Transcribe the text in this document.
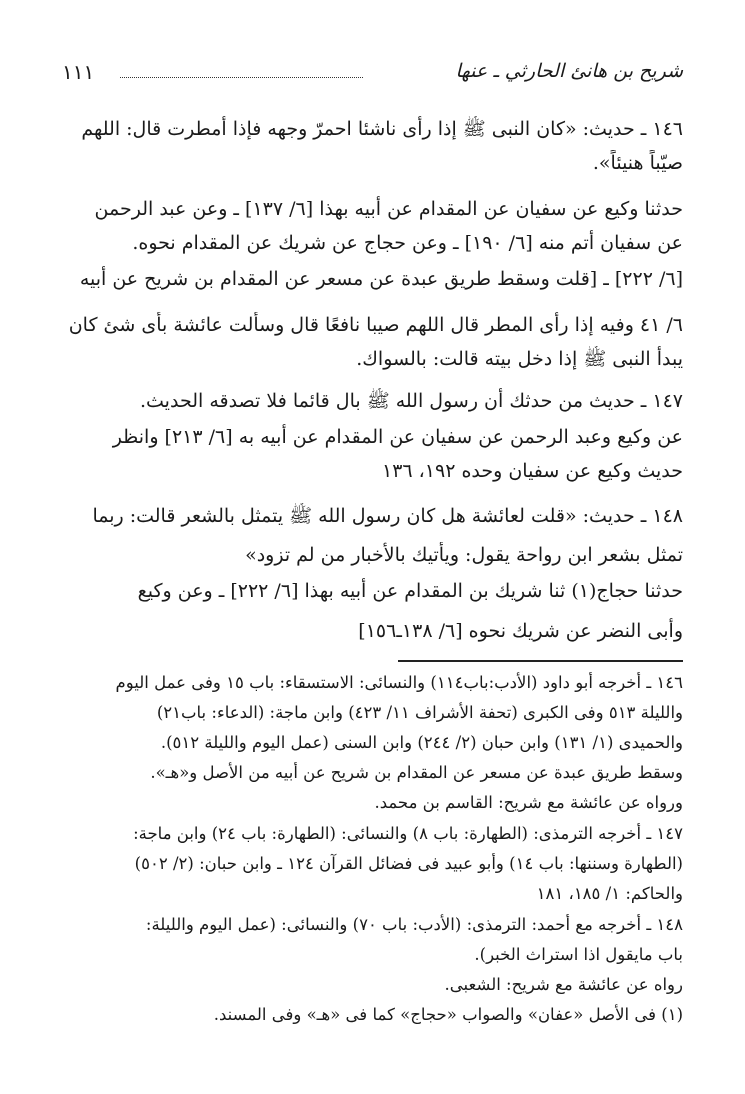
شريح بن هانئ الحارثي ـ عنها
١١١
١٤٦ ـ حديث: «كان النبى ﷺ إذا رأى ناشئا احمرّ وجهه فإذا أمطرت قال: اللهم
صيّباً هنيئاً».
حدثنا وكيع عن سفيان عن المقدام عن أبيه بهذا [٦/ ١٣٧] ـ وعن عبد الرحمن
عن سفيان أتم منه [٦/ ١٩٠] ـ وعن حجاج عن شريك عن المقدام نحوه.
[٦/ ٢٢٢] ـ [قلت وسقط طريق عبدة عن مسعر عن المقدام بن شريح عن أبيه
٦/ ٤١ وفيه إذا رأى المطر قال اللهم صيبا نافعًا قال وسألت عائشة بأى شئ كان
يبدأ النبى ﷺ إذا دخل بيته قالت: بالسواك.
١٤٧ ـ حديث من حدثك أن رسول الله ﷺ بال قائما فلا تصدقه الحديث.
عن وكيع وعبد الرحمن عن سفيان عن المقدام عن أبيه به [٦/ ٢١٣] وانظر
حديث وكيع عن سفيان وحده ١٩٢، ١٣٦
١٤٨ ـ حديث: «قلت لعائشة هل كان رسول الله ﷺ يتمثل بالشعر قالت: ربما
تمثل بشعر ابن رواحة يقول: ويأتيك بالأخبار من لم تزود»
حدثنا حجاج(١) ثنا شريك بن المقدام عن أبيه بهذا [٦/ ٢٢٢] ـ وعن وكيع
وأبى النضر عن شريك نحوه [٦/ ١٣٨ـ١٥٦]
١٤٦ ـ أخرجه أبو داود (الأدب:باب١١٤) والنسائى: الاستسقاء: باب ١٥ وفى عمل اليوم
والليلة ٥١٣ وفى الكبرى (تحفة الأشراف ١١/ ٤٢٣) وابن ماجة: (الدعاء: باب٢١)
والحميدى (١/ ١٣١) وابن حبان (٢/ ٢٤٤) وابن السنى (عمل اليوم والليلة ٥١٢).
وسقط طريق عبدة عن مسعر عن المقدام بن شريح عن أبيه من الأصل و«هـ».
ورواه عن عائشة مع شريح: القاسم بن محمد.
١٤٧ ـ أخرجه الترمذى: (الطهارة: باب ٨) والنسائى: (الطهارة: باب ٢٤) وابن ماجة:
(الطهارة وسننها: باب ١٤) وأبو عبيد فى فضائل القرآن ١٢٤ ـ وابن حبان: (٢/ ٥٠٢)
والحاكم: ١/ ١٨٥، ١٨١
١٤٨ ـ أخرجه مع أحمد: الترمذى: (الأدب: باب ٧٠) والنسائى: (عمل اليوم والليلة:
باب مايقول اذا استراث الخبر).
رواه عن عائشة مع شريح: الشعبى.
(١) فى الأصل «عفان» والصواب «حجاج» كما فى «هـ» وفى المسند.
